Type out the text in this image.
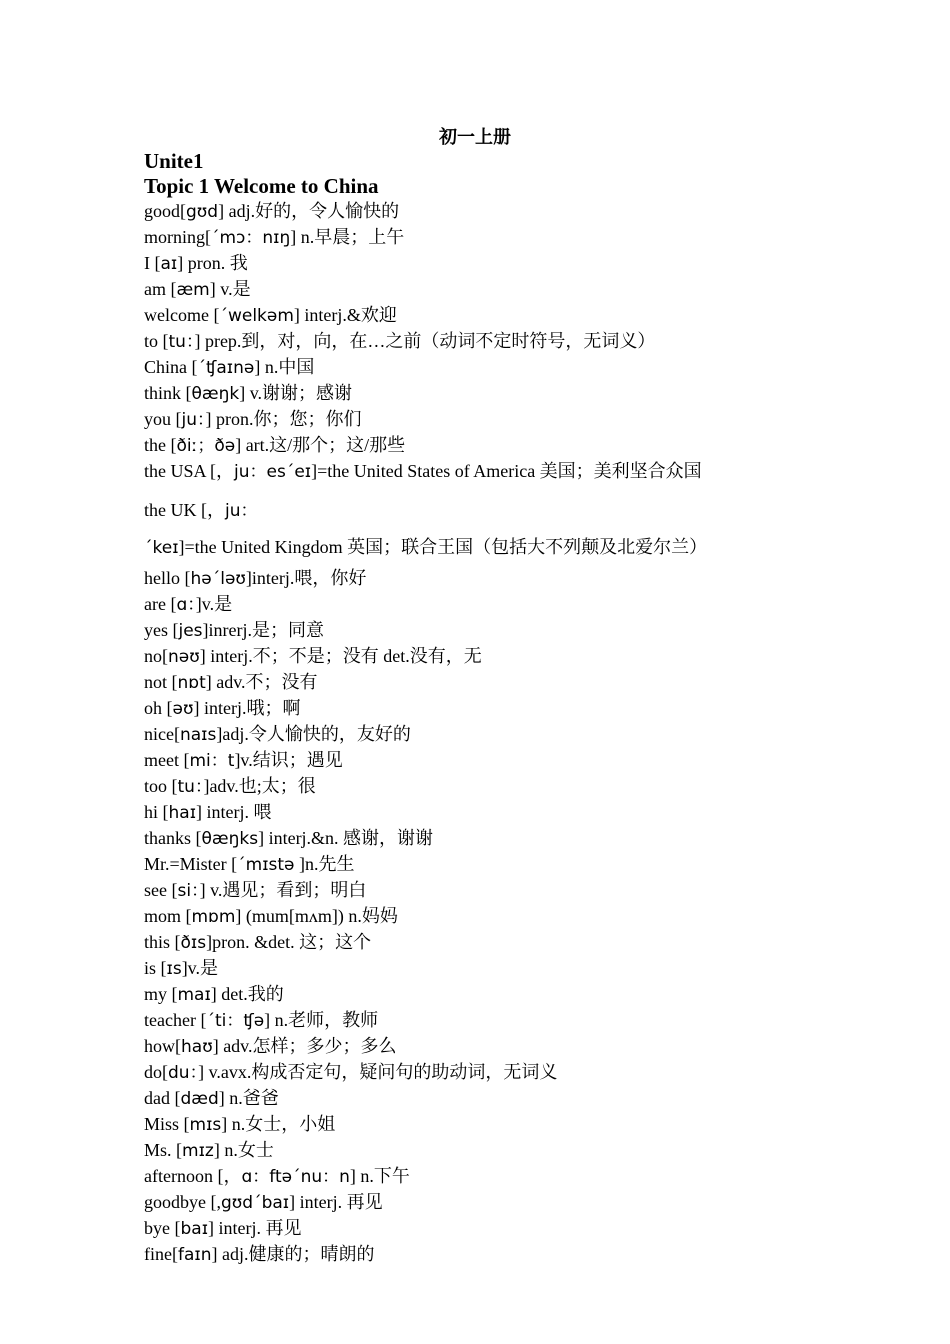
初一上册
Unite1
Topic 1 Welcome to China
good[gʊd] adj.好的，令人愉快的
morning[ˊmɔ：nɪŋ] n.早晨；上午
I [aɪ] pron. 我
am [æm] v.是
welcome [ˊwelkəm] interj.&欢迎
to [tu：] prep.到，对，向，在…之前（动词不定时符号，无词义）
China [ˊʧaɪnə] n.中国
think [θæŋk] v.谢谢；感谢
you [ju：] pron.你；您；你们
the [ðiː；ðə] art.这/那个；这/那些
the USA [，ju：esˊeɪ]=the United States of America 美国；美利坚合众国
the UK [，ju：ˊkeɪ]=the United Kingdom 英国；联合王国（包括大不列颠及北爱尔兰）
hello [həˊləʊ]interj.喂，你好
are [ɑ：]v.是
yes [jes]inrerj.是；同意
no[nəʊ] interj.不；不是；没有 det.没有，无
not [nɒt] adv.不；没有
oh [əʊ] interj.哦；啊
nice[naɪs]adj.令人愉快的，友好的
meet [mi：t]v.结识；遇见
too [tu：]adv.也;太；很
hi [haɪ] interj. 喂
thanks [θæŋks] interj.&n. 感谢，谢谢
Mr.=Mister [ˊmɪstə ]n.先生
see [si：] v.遇见；看到；明白
mom [mɒm] (mum[mʌm]) n.妈妈
this [ðɪs]pron. &det. 这；这个
is [ɪs]v.是
my [maɪ] det.我的
teacher [ˊti：ʧə] n.老师，教师
how[haʊ] adv.怎样；多少；多么
do[du：] v.avx.构成否定句，疑问句的助动词，无词义
dad [dæd] n.爸爸
Miss [mɪs] n.女士，小姐
Ms. [mɪz] n.女士
afternoon [，ɑ：ftəˊnu：n] n.下午
goodbye [,gʊdˊbaɪ] interj. 再见
bye [baɪ] interj. 再见
fine[faɪn] adj.健康的；晴朗的
